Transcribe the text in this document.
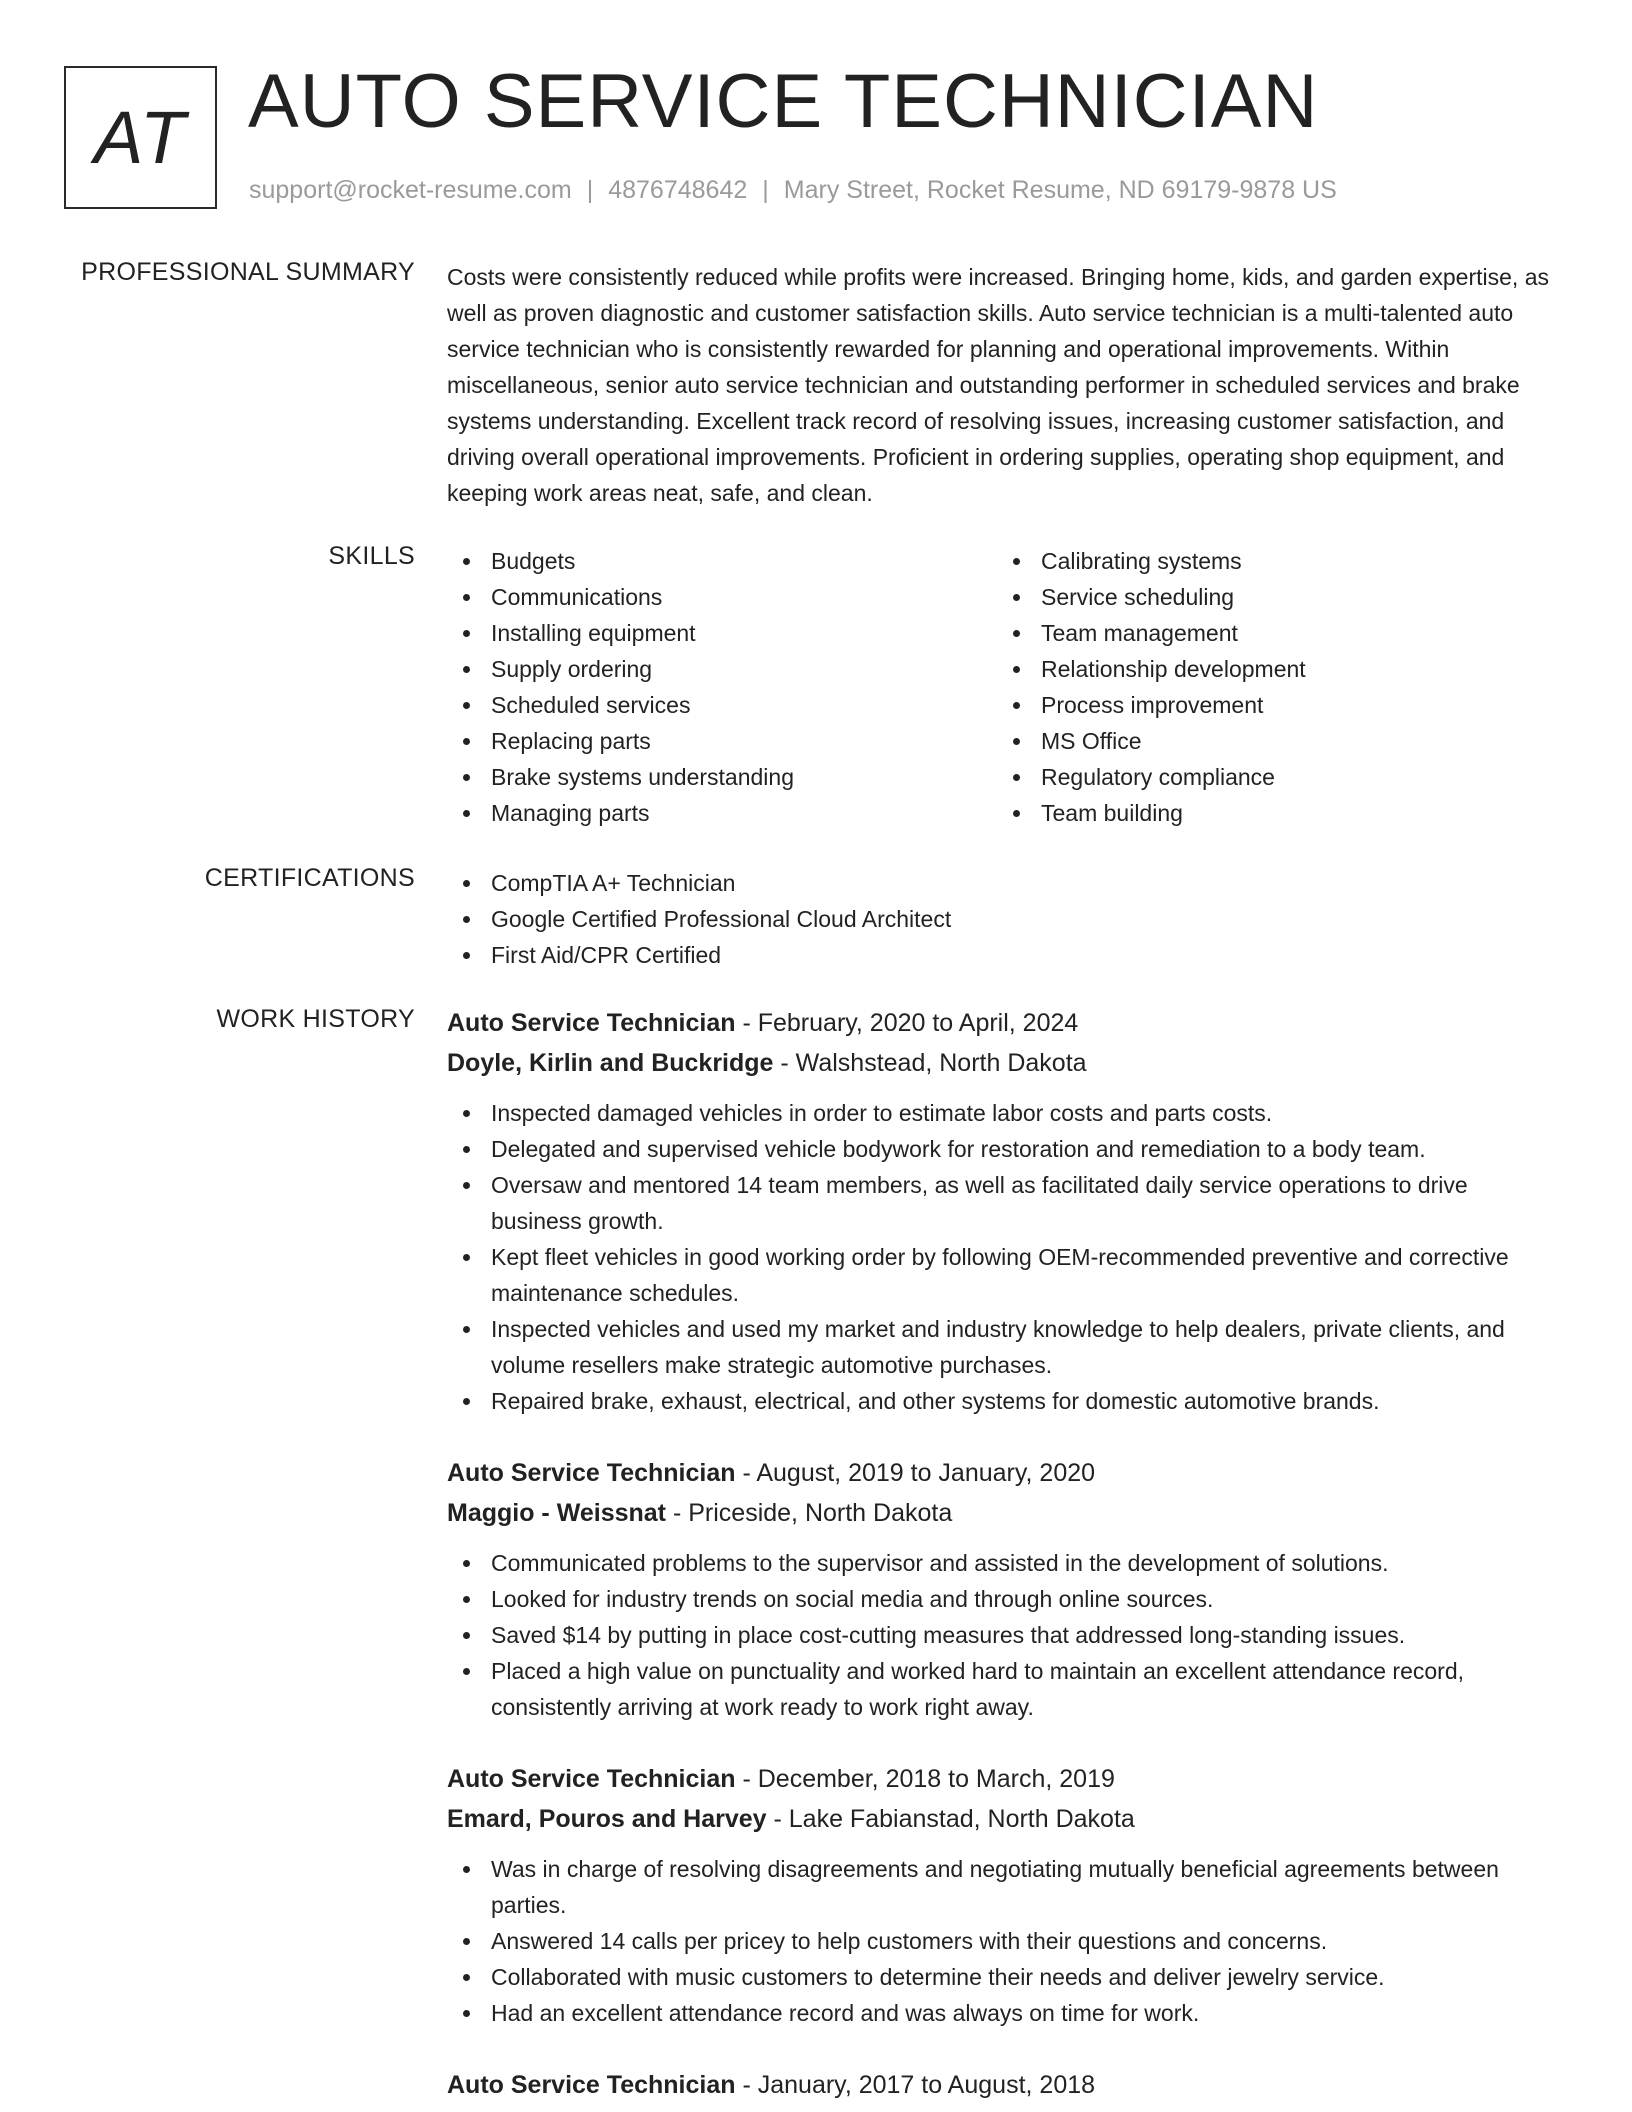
AT AUTO SERVICE TECHNICIAN
support@rocket-resume.com | 4876748642 | Mary Street, Rocket Resume, ND 69179-9878 US
PROFESSIONAL SUMMARY Costs were consistently reduced while profits were increased. Bringing home, kids, and garden expertise, as well as proven diagnostic and customer satisfaction skills. Auto service technician is a multi-talented auto service technician who is consistently rewarded for planning and operational improvements. Within miscellaneous, senior auto service technician and outstanding performer in scheduled services and brake systems understanding. Excellent track record of resolving issues, increasing customer satisfaction, and driving overall operational improvements. Proficient in ordering supplies, operating shop equipment, and keeping work areas neat, safe, and clean.

SKILLS	Budgets
Communications
Installing equipment
Supply ordering
Scheduled services
Replacing parts
Brake systems understanding
Managing parts
Calibrating systems
Service scheduling
Team management
Relationship development
Process improvement
MS Office
Regulatory compliance
Team building
CERTIFICATIONS	CompTIA A+ Technician
Google Certified Professional Cloud Architect
First Aid/CPR Certified
WORK HISTORY Auto Service Technician - February, 2020 to April, 2024
Doyle, Kirlin and Buckridge - Walshstead, North Dakota
Inspected damaged vehicles in order to estimate labor costs and parts costs.
Delegated and supervised vehicle bodywork for restoration and remediation to a body team.
Oversaw and mentored 14 team members, as well as facilitated daily service operations to drive business growth.
Kept fleet vehicles in good working order by following OEM-recommended preventive and corrective maintenance schedules.
Inspected vehicles and used my market and industry knowledge to help dealers, private clients, and volume resellers make strategic automotive purchases.
Repaired brake, exhaust, electrical, and other systems for domestic automotive brands.
Auto Service Technician - August, 2019 to January, 2020
Maggio - Weissnat - Priceside, North Dakota
Communicated problems to the supervisor and assisted in the development of solutions.
Looked for industry trends on social media and through online sources.
Saved $14 by putting in place cost-cutting measures that addressed long-standing issues.
Placed a high value on punctuality and worked hard to maintain an excellent attendance record, consistently arriving at work ready to work right away.
Auto Service Technician - December, 2018 to March, 2019
Emard, Pouros and Harvey - Lake Fabianstad, North Dakota
Was in charge of resolving disagreements and negotiating mutually beneficial agreements between parties.
Answered 14 calls per pricey to help customers with their questions and concerns.
Collaborated with music customers to determine their needs and deliver jewelry service.
Had an excellent attendance record and was always on time for work.
Auto Service Technician - January, 2017 to August, 2018
